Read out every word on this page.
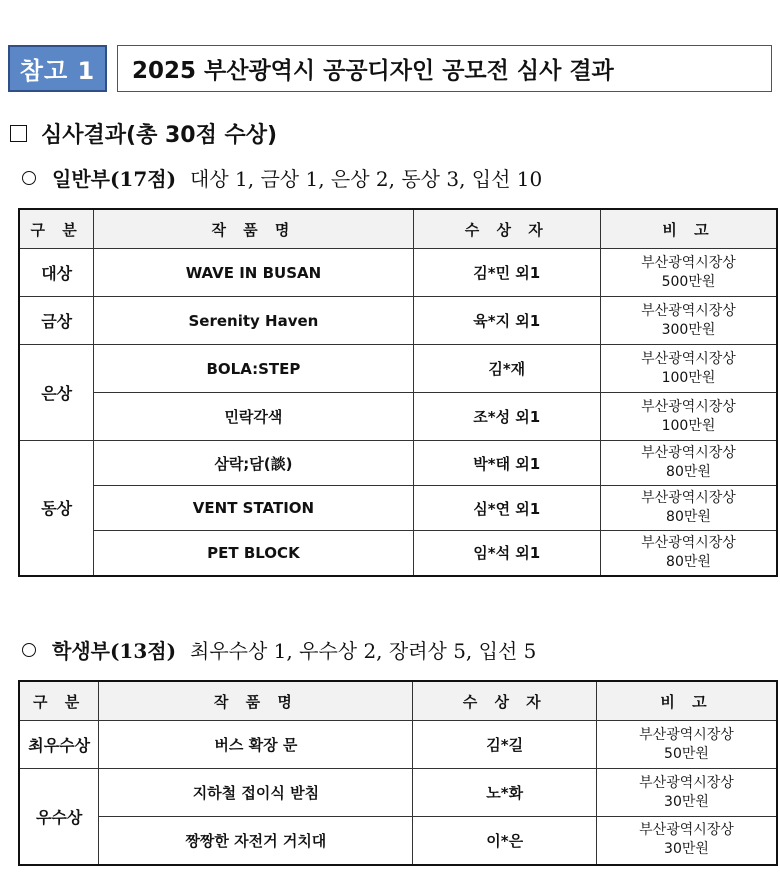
참고 1	2025 부산광역시 공공디자인 공모전 심사 결과
심사결과(총 30점 수상)
일반부(17점) 대상 1, 금상 1, 은상 2, 동상 3, 입선 10
구 분	작 품 명	수 상 자	비 고
대상	WAVE IN BUSAN	김*민 외1	부산광역시장상
500만원

금상	Serenity Haven	육*지 외1	부산광역시장상
300만원

은상	BOLA:STEP	김*재	부산광역시장상
100만원

	민락각색	조*성 외1	부산광역시장상
100만원

동상	삼락;담(談)	박*태 외1	부산광역시장상
80만원

	VENT STATION	심*연 외1	부산광역시장상
80만원

	PET BLOCK	임*석 외1	부산광역시장상
80만원
학생부(13점) 최우수상 1, 우수상 2, 장려상 5, 입선 5
구 분	작 품 명	수 상 자	비 고
최우수상	버스 확장 문	김*길	부산광역시장상
50만원

우수상	지하철 접이식 받침	노*화	부산광역시장상
30만원

	짱짱한 자전거 거치대	이*은	부산광역시장상
30만원
